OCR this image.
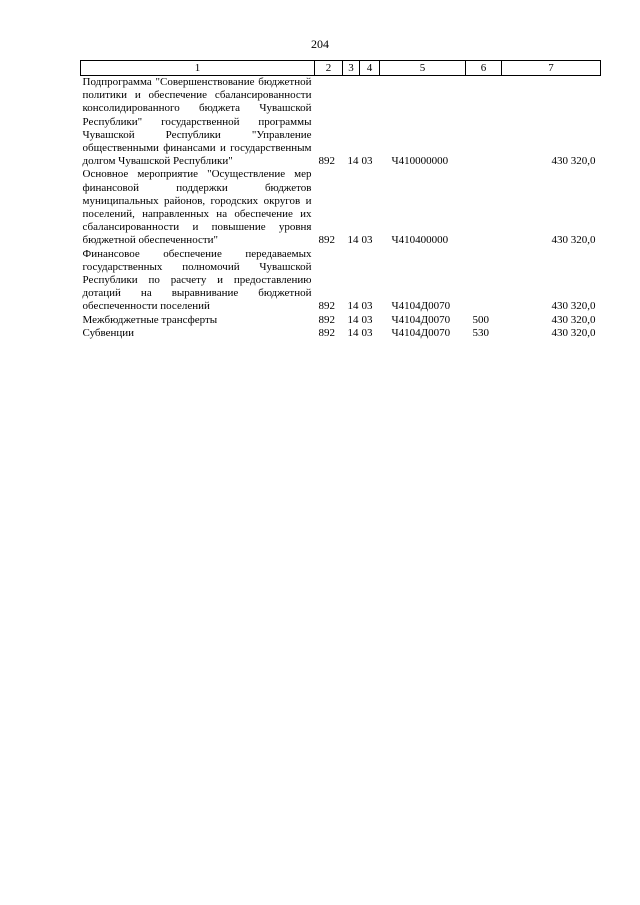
204
1	2	3	4	5	6	7
Подпрограмма "Совершенствование бюджетной политики и обеспечение сбалансированности консолидированного бюджета Чувашской Республики" государственной программы Чувашской Республики "Управление общественными финансами и государственным долгом Чувашской Республики"	892	14	03	Ч410000000		430 320,0
Основное мероприятие "Осуществление мер финансовой поддержки бюджетов муниципальных районов, городских округов и поселений, направленных на обеспечение их сбалансированности и повышение уровня бюджетной обеспеченности"	892	14	03	Ч410400000		430 320,0
Финансовое обеспечение передаваемых государственных полномочий Чувашской Республики по расчету и предоставлению дотаций на выравнивание бюджетной обеспеченности поселений	892	14	03	Ч4104Д0070		430 320,0
Межбюджетные трансферты	892	14	03	Ч4104Д0070	500	430 320,0
Субвенции	892	14	03	Ч4104Д0070	530	430 320,0
